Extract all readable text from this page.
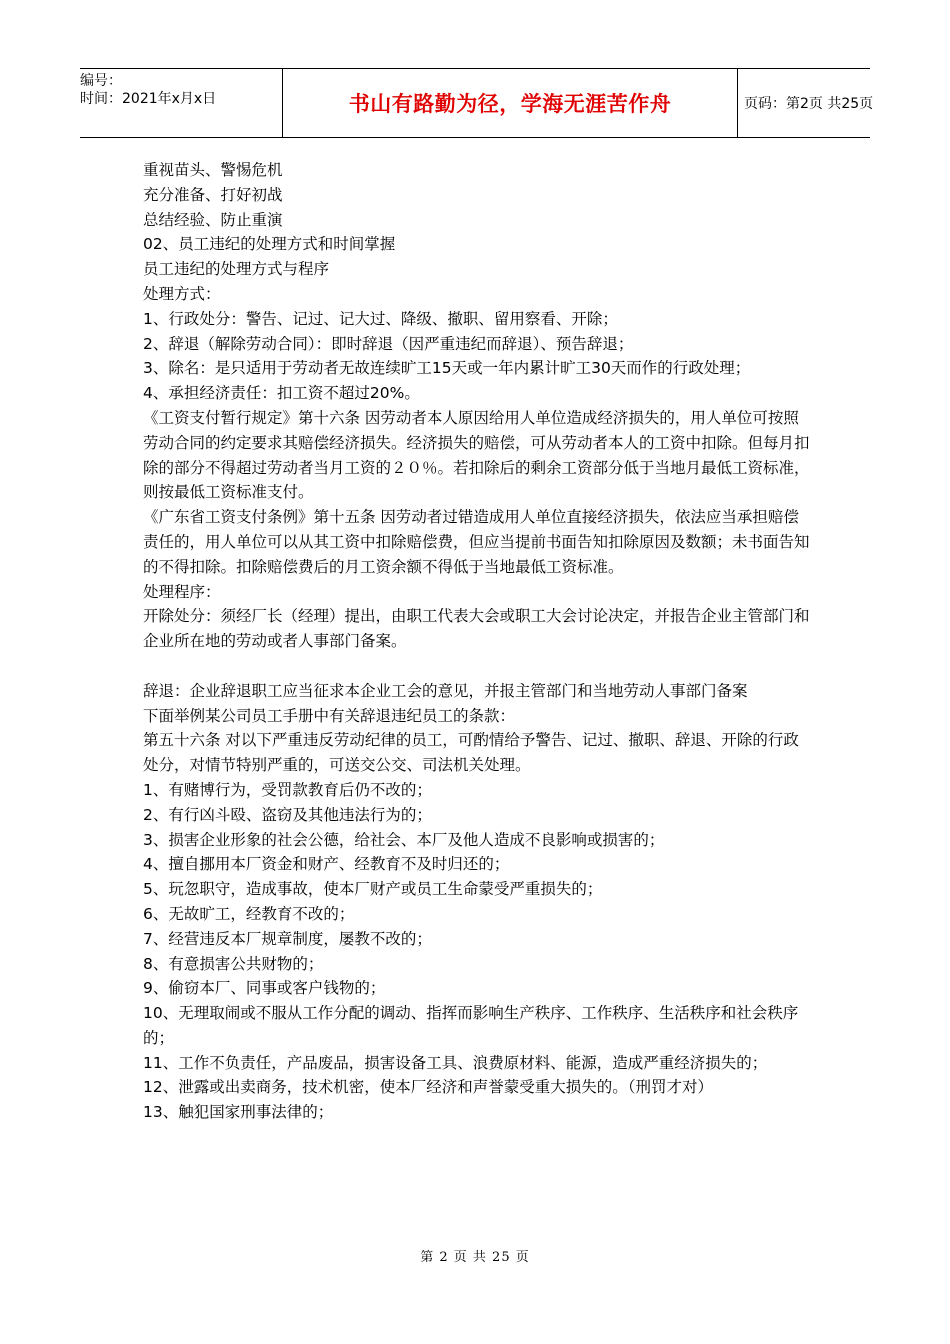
编号：
时间：2021年x月x日	书山有路勤为径，学海无涯苦作舟	页码：第2页 共25页

重视苗头、警惕危机

充分准备、打好初战

总结经验、防止重演

02、员工违纪的处理方式和时间掌握

员工违纪的处理方式与程序

处理方式：

1、行政处分：警告、记过、记大过、降级、撤职、留用察看、开除；

2、辞退（解除劳动合同）：即时辞退（因严重违纪而辞退）、预告辞退；

3、除名：是只适用于劳动者无故连续旷工15天或一年内累计旷工30天而作的行政处理；

4、承担经济责任：扣工资不超过20%。

《工资支付暂行规定》第十六条 因劳动者本人原因给用人单位造成经济损失的，用人单位可按照劳动合同的约定要求其赔偿经济损失。经济损失的赔偿，可从劳动者本人的工资中扣除。但每月扣除的部分不得超过劳动者当月工资的２０％。若扣除后的剩余工资部分低于当地月最低工资标准，则按最低工资标准支付。

《广东省工资支付条例》第十五条 因劳动者过错造成用人单位直接经济损失，依法应当承担赔偿责任的，用人单位可以从其工资中扣除赔偿费，但应当提前书面告知扣除原因及数额；未书面告知的不得扣除。扣除赔偿费后的月工资余额不得低于当地最低工资标准。

处理程序：

开除处分：须经厂长（经理）提出，由职工代表大会或职工大会讨论决定，并报告企业主管部门和企业所在地的劳动或者人事部门备案。

辞退：企业辞退职工应当征求本企业工会的意见，并报主管部门和当地劳动人事部门备案

下面举例某公司员工手册中有关辞退违纪员工的条款：

第五十六条 对以下严重违反劳动纪律的员工，可酌情给予警告、记过、撤职、辞退、开除的行政处分，对情节特别严重的，可送交公交、司法机关处理。

1、有赌博行为，受罚款教育后仍不改的；

2、有行凶斗殴、盗窃及其他违法行为的；

3、损害企业形象的社会公德，给社会、本厂及他人造成不良影响或损害的；

4、擅自挪用本厂资金和财产、经教育不及时归还的；

5、玩忽职守，造成事故，使本厂财产或员工生命蒙受严重损失的；

6、无故旷工，经教育不改的；

7、经营违反本厂规章制度，屡教不改的；

8、有意损害公共财物的；

9、偷窃本厂、同事或客户钱物的；

10、无理取闹或不服从工作分配的调动、指挥而影响生产秩序、工作秩序、生活秩序和社会秩序的；

11、工作不负责任，产品废品，损害设备工具、浪费原材料、能源，造成严重经济损失的；

12、泄露或出卖商务，技术机密，使本厂经济和声誉蒙受重大损失的。（刑罚才对）

13、触犯国家刑事法律的；

第 2 页 共 25 页
